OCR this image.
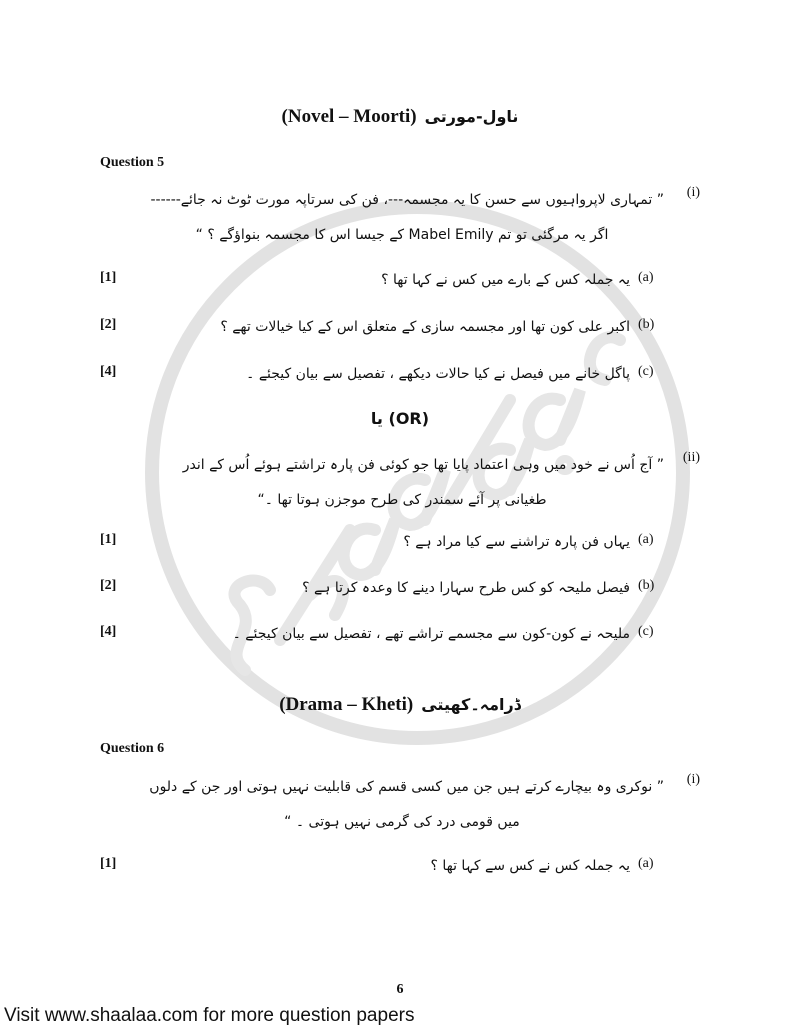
(Novel – Moorti) ناول-مورتی
Question 5
” تمہاری لاپرواہیوں سے حسن کا یہ مجسمہ---، فن کی سرتاپہ مورت ٹوٹ نہ جائے------
اگر یہ مرگئی تو تم Mabel Emily کے جیسا اس کا مجسمہ بنواؤگے ؟ “
(i)
[1]	یہ جملہ کس کے بارے میں کس نے کہا تھا ؟ (a)
[2]	اکبر علی کون تھا اور مجسمہ سازی کے متعلق اس کے کیا خیالات تھے ؟ (b)
[4]	پاگل خانے میں فیصل نے کیا حالات دیکھے ، تفصیل سے بیان کیجئے ۔ (c)
یا (OR)
” آج اُس نے خود میں وہی اعتماد پایا تھا جو کوئی فن پارہ تراشتے ہوئے اُس کے اندر
طغیانی پر آئے سمندر کی طرح موجزن ہوتا تھا ۔“
(ii)
[1]	یہاں فن پارہ تراشنے سے کیا مراد ہے ؟ (a)
[2]	فیصل ملیحہ کو کس طرح سہارا دینے کا وعدہ کرتا ہے ؟ (b)
[4]	ملیحہ نے کون-کون سے مجسمے تراشے تھے ، تفصیل سے بیان کیجئے ۔ (c)
(Drama – Kheti) ڈرامہ۔کھیتی
Question 6
” نوکری وہ بیچارے کرتے ہیں جن میں کسی قسم کی قابلیت نہیں ہوتی اور جن کے دلوں
میں قومی درد کی گرمی نہیں ہوتی ۔ “
(i)
[1]	یہ جملہ کس نے کس سے کہا تھا ؟ (a)
6
Visit www.shaalaa.com for more question papers
